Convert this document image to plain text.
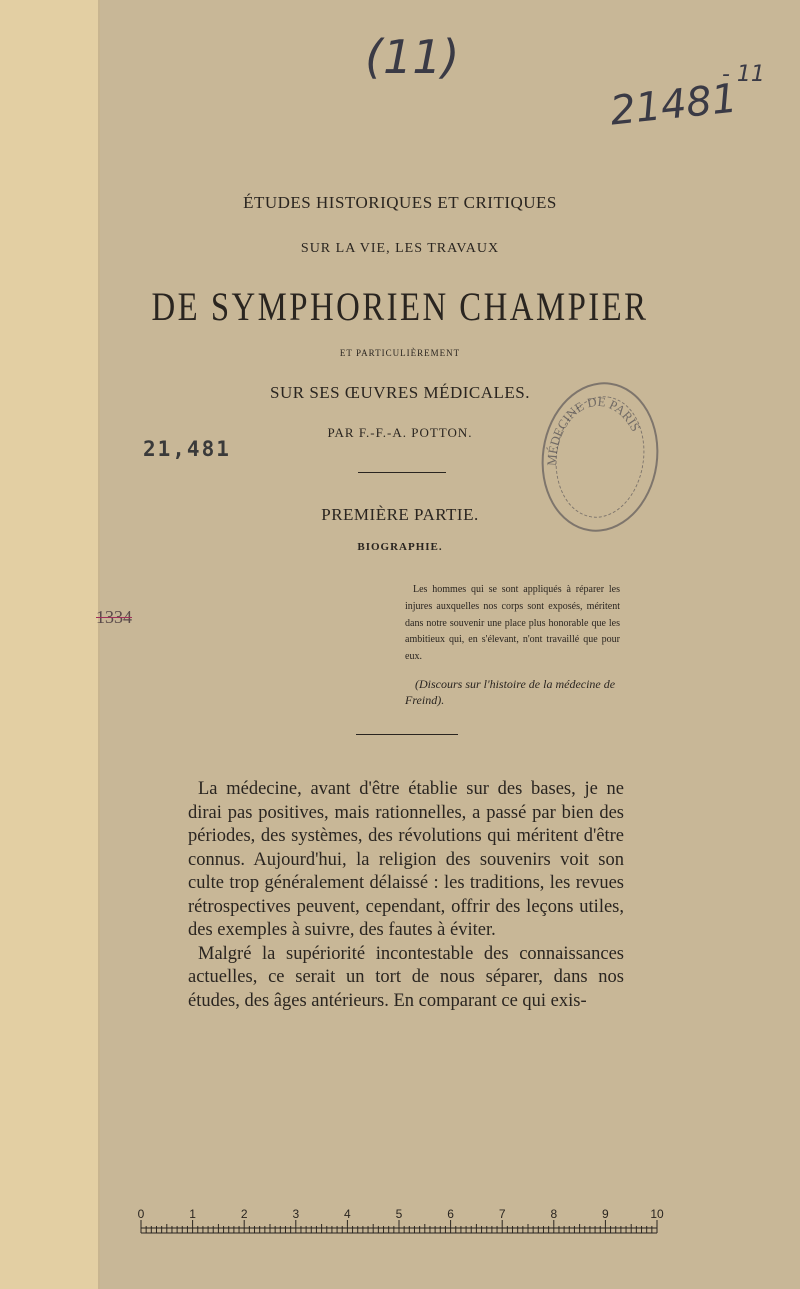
(11)
21481
- 11
ÉTUDES HISTORIQUES ET CRITIQUES
SUR LA VIE, LES TRAVAUX
DE SYMPHORIEN CHAMPIER
ET PARTICULIÈREMENT
SUR SES ŒUVRES MÉDICALES.
PAR F.-F.-A. POTTON.
MÉDECINE DE PARIS
21,481
1334
PREMIÈRE PARTIE.
BIOGRAPHIE.
Les hommes qui se sont appliqués à réparer les injures auxquelles nos corps sont exposés, méritent dans notre souvenir une place plus honorable que les ambitieux qui, en s'élevant, n'ont travaillé que pour eux.
(Discours sur l'histoire de la médecine de Freind).

La médecine, avant d'être établie sur des bases, je ne dirai pas positives, mais rationnelles, a passé par bien des périodes, des systèmes, des révolutions qui méritent d'être connus. Aujourd'hui, la religion des souvenirs voit son culte trop généralement délaissé : les traditions, les revues rétrospectives peuvent, cependant, offrir des leçons utiles, des exemples à suivre, des fautes à éviter.

Malgré la supériorité incontestable des connaissances actuelles, ce serait un tort de nous séparer, dans nos études, des âges antérieurs. En comparant ce qui exis-

0	1	2	3	4	5	6	7	8	9	10
